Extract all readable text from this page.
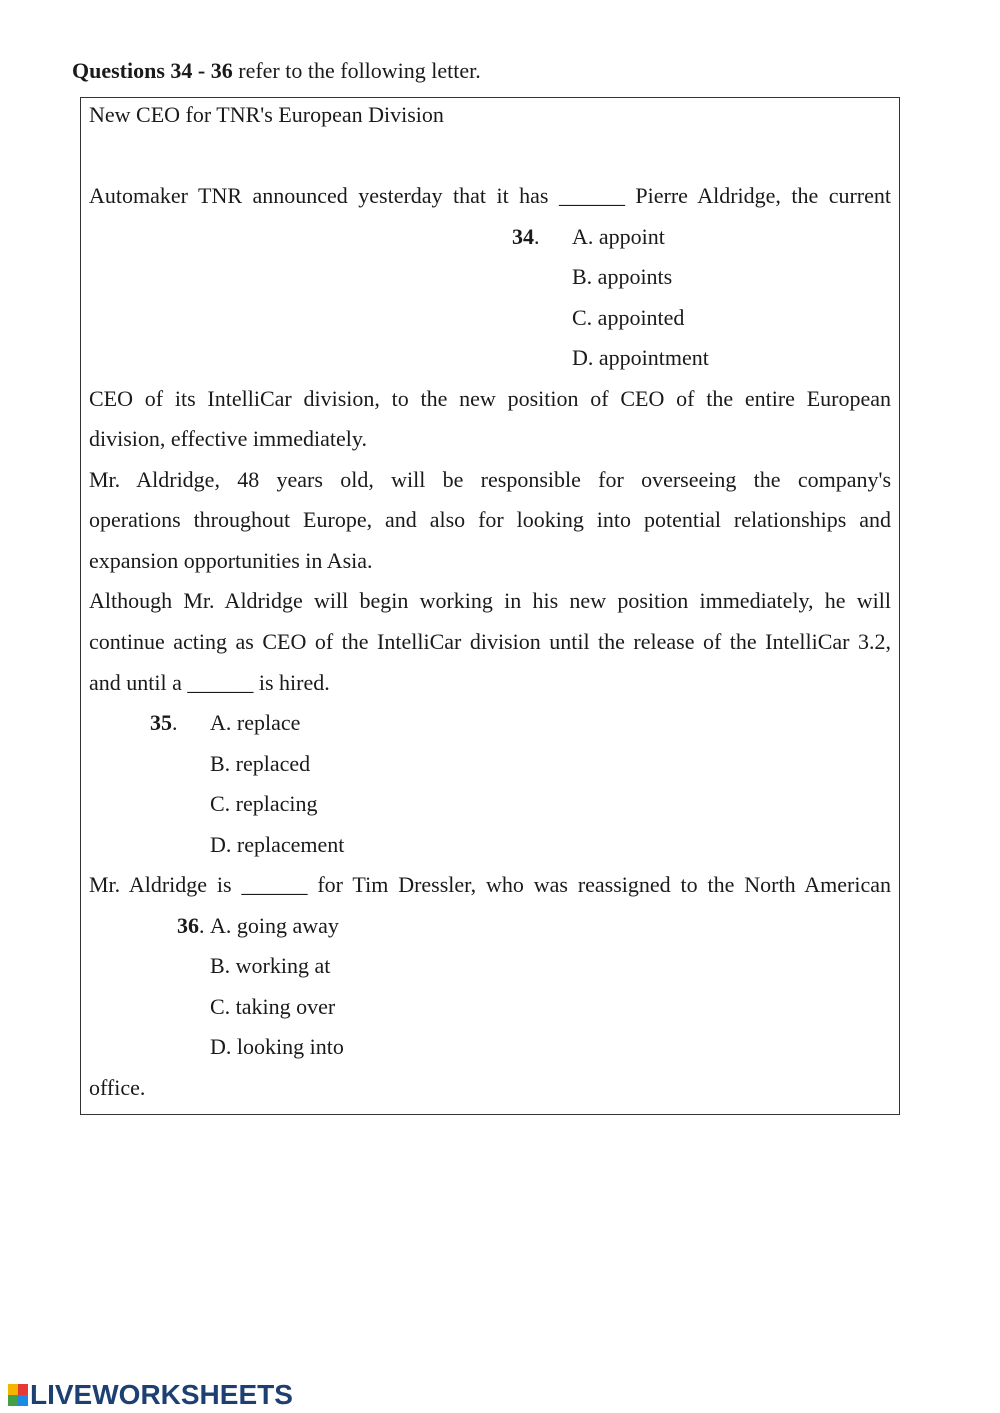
Questions 34 - 36 refer to the following letter.
New CEO for TNR's European Division
Automaker TNR announced yesterday that it has ______ Pierre Aldridge, the current
34. A. appoint
B. appoints
C. appointed
D. appointment
CEO of its IntelliCar division, to the new position of CEO of the entire European
division, effective immediately.
Mr. Aldridge, 48 years old, will be responsible for overseeing the company's
operations throughout Europe, and also for looking into potential relationships and
expansion opportunities in Asia.
Although Mr. Aldridge will begin working in his new position immediately, he will
continue acting as CEO of the IntelliCar division until the release of the IntelliCar 3.2,
and until a ______ is hired.
35. A. replace
B. replaced
C. replacing
D. replacement
Mr. Aldridge is ______ for Tim Dressler, who was reassigned to the North American
36. A. going away
B. working at
C. taking over
D. looking into
office.
LIVEWORKSHEETS
